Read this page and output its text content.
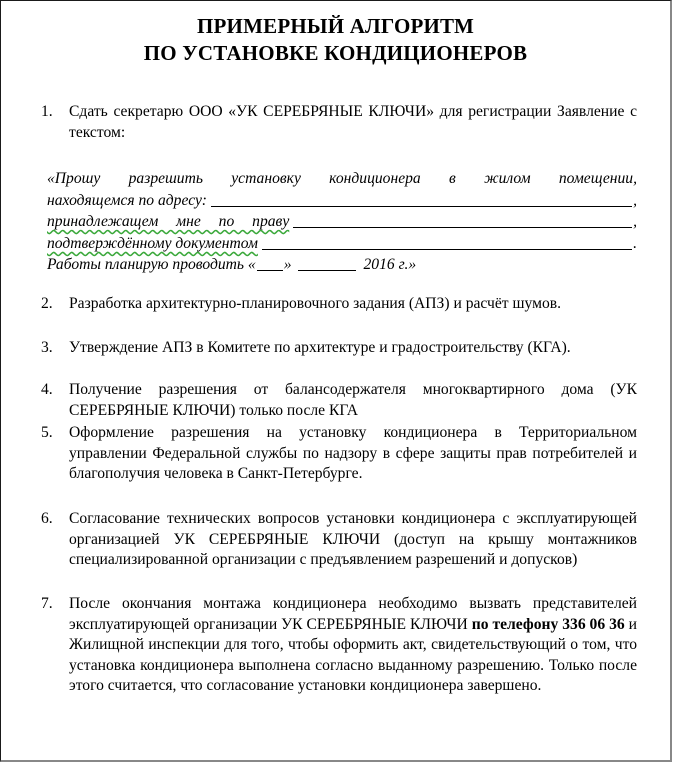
ПРИМЕРНЫЙ АЛГОРИТМ
ПО УСТАНОВКЕ КОНДИЦИОНЕРОВ
1.	Сдать секретарю ООО «УК СЕРЕБРЯНЫЕ КЛЮЧИ» для регистрации Заявление с текстом:
«Прошу разрешить установку кондиционера в жилом помещении,
находящемся по адресу:	,
принадлежащем мне по праву	,
подтверждённому документом	.
Работы планирую проводить « »	2016 г.»
2.	Разработка архитектурно-планировочного задания (АПЗ) и расчёт шумов.
3.	Утверждение АПЗ в Комитете по архитектуре и градостроительству (КГА).
4.	Получение разрешения от балансодержателя многоквартирного дома (УК СЕРЕБРЯНЫЕ КЛЮЧИ) только после КГА
5.	Оформление разрешения на установку кондиционера в Территориальном управлении Федеральной службы по надзору в сфере защиты прав потребителей и благополучия человека в Санкт-Петербурге.
6.	Согласование технических вопросов установки кондиционера с эксплуатирующей организацией УК СЕРЕБРЯНЫЕ КЛЮЧИ (доступ на крышу монтажников специализированной организации с предъявлением разрешений и допусков)
7.	После окончания монтажа кондиционера необходимо вызвать представителей эксплуатирующей организации УК СЕРЕБРЯНЫЕ КЛЮЧИ по телефону 336 06 36 и Жилищной инспекции для того, чтобы оформить акт, свидетельствующий о том, что установка кондиционера выполнена согласно выданному разрешению. Только после этого считается, что согласование установки кондиционера завершено.
